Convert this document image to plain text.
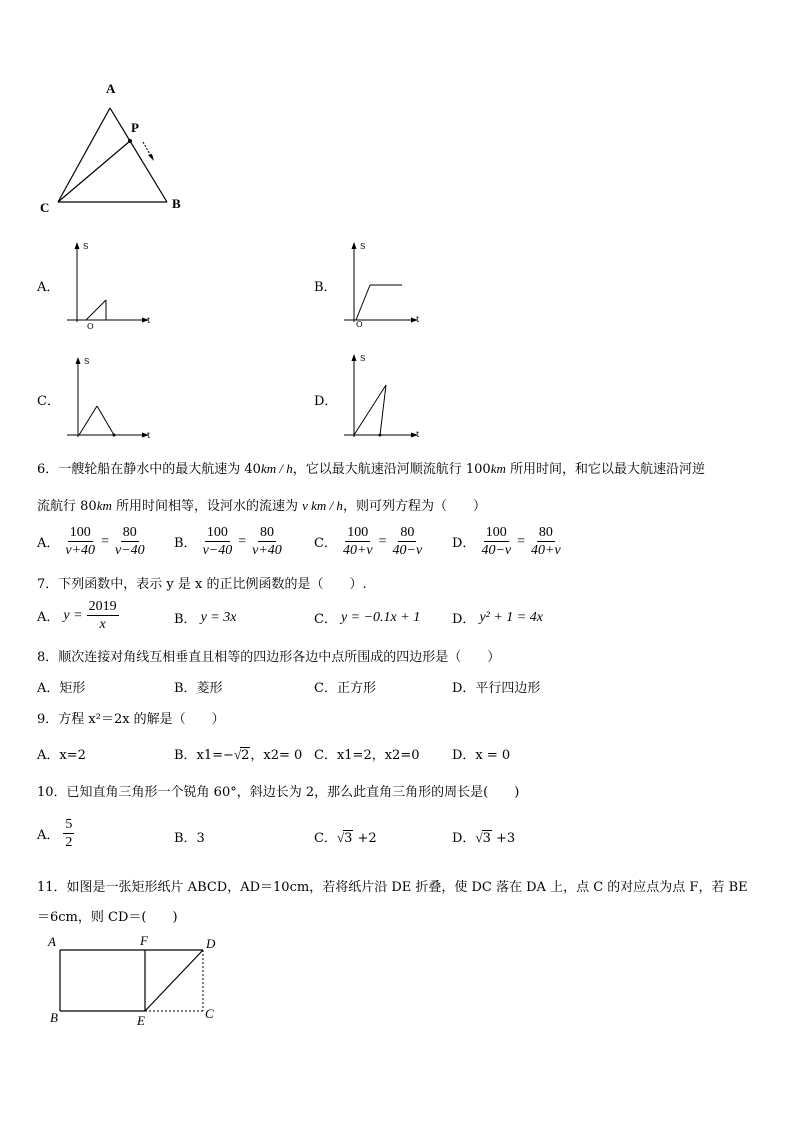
A
P
C	B
A．
S
t
O
B．
S
t
O
C．
S
t
D．
S
t
6．一艘轮船在静水中的最大航速为 40km / h，它以最大航速沿河顺流航行 100km 所用时间，和它以最大航速沿河逆
流航行 80km 所用时间相等，设河水的流速为 v km / h，则可列方程为（　　）
A． $\frac{100}{v+40} = \frac{80}{v-40}$ B． $\frac{100}{v-40} = \frac{80}{v+40}$ C． $\frac{100}{40+v} = \frac{80}{40-v}$ D． $\frac{100}{40-v} = \frac{80}{40+v}$
7．下列函数中，表示 y 是 x 的正比例函数的是（　　）.
A． $y = \frac{2019}{x}$	B． y = 3x	C． y = −0.1x + 1 D． y² + 1 = 4x
8．顺次连接对角线互相垂直且相等的四边形各边中点所围成的四边形是（　　）
A．矩形	B．菱形	C．正方形	D．平行四边形
9．方程 x²＝2x 的解是（　　）
A．x=2	B．x1=−√2，x2= 0 C．x1=2，x2=0	D．x = 0
10．已知直角三角形一个锐角 60°，斜边长为 2，那么此直角三角形的周长是(　　)
A． $\frac{5}{2}$	B．3	C．√3 +2	D．√3 +3
11．如图是一张矩形纸片 ABCD，AD＝10cm，若将纸片沿 DE 折叠，使 DC 落在 DA 上，点 C 的对应点为点 F，若 BE
＝6cm，则 CD＝(　　)
A	F	D
B	E	C
